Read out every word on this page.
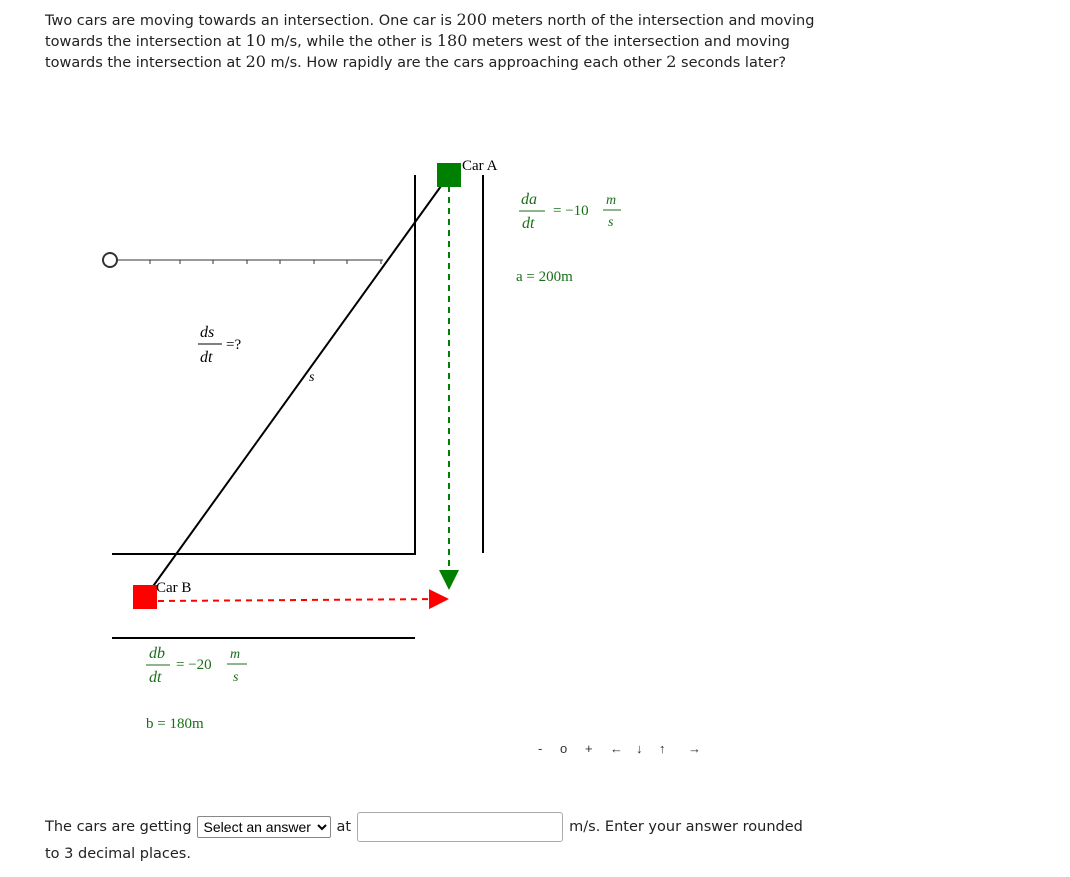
Two cars are moving towards an intersection. One car is 200 meters north of the intersection and moving towards the intersection at 10 m/s, while the other is 180 meters west of the intersection and moving towards the intersection at 20 m/s. How rapidly are the cars approaching each other 2 seconds later?
Car A
Car B
da
dt
= −10
m
s
a = 200m
ds
dt
=?
s
db
dt
= −20
m
s
b = 180m
- o + ← ↓ ↑ →
The cars are getting
Select an answer	at	m/s. Enter your answer rounded
to 3 decimal places.
